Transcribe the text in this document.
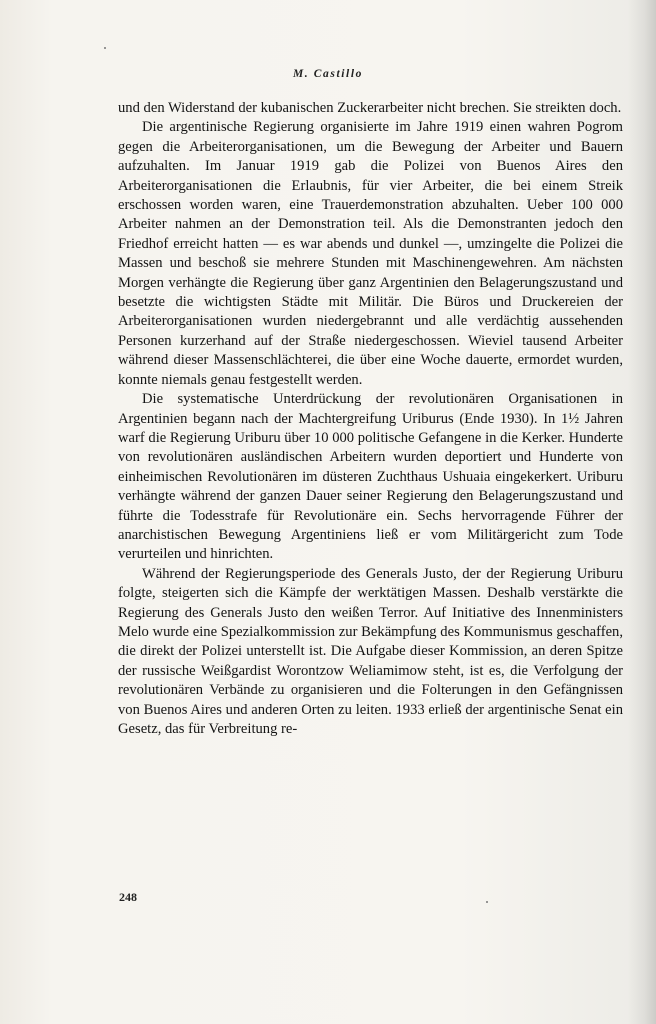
M. Castillo

und den Widerstand der kubanischen Zuckerarbeiter nicht brechen. Sie streikten doch.

Die argentinische Regierung organisierte im Jahre 1919 einen wahren Pogrom gegen die Arbeiterorganisationen, um die Bewegung der Arbeiter und Bauern aufzuhalten. Im Januar 1919 gab die Polizei von Buenos Aires den Arbeiterorganisationen die Erlaubnis, für vier Arbeiter, die bei einem Streik erschossen worden waren, eine Trauerdemonstration abzuhalten. Ueber 100 000 Arbeiter nahmen an der Demonstration teil. Als die Demonstranten jedoch den Friedhof erreicht hatten — es war abends und dunkel —, umzingelte die Polizei die Massen und beschoß sie mehrere Stunden mit Maschinengewehren. Am nächsten Morgen verhängte die Regierung über ganz Argentinien den Belagerungszustand und besetzte die wichtigsten Städte mit Militär. Die Büros und Druckereien der Arbeiterorganisationen wurden niedergebrannt und alle verdächtig aussehenden Personen kurzerhand auf der Straße niedergeschossen. Wieviel tausend Arbeiter während dieser Massenschlächterei, die über eine Woche dauerte, ermordet wurden, konnte niemals genau festgestellt werden.

Die systematische Unterdrückung der revolutionären Organisationen in Argentinien begann nach der Machtergreifung Uriburus (Ende 1930). In 1½ Jahren warf die Regierung Uriburu über 10 000 politische Gefangene in die Kerker. Hunderte von revolutionären ausländischen Arbeitern wurden deportiert und Hunderte von einheimischen Revolutionären im düsteren Zuchthaus Ushuaia eingekerkert. Uriburu verhängte während der ganzen Dauer seiner Regierung den Belagerungszustand und führte die Todesstrafe für Revolutionäre ein. Sechs hervorragende Führer der anarchistischen Bewegung Argentiniens ließ er vom Militärgericht zum Tode verurteilen und hinrichten.

Während der Regierungsperiode des Generals Justo, der der Regierung Uriburu folgte, steigerten sich die Kämpfe der werktätigen Massen. Deshalb verstärkte die Regierung des Generals Justo den weißen Terror. Auf Initiative des Innenministers Melo wurde eine Spezialkommission zur Bekämpfung des Kommunismus geschaffen, die direkt der Polizei unterstellt ist. Die Aufgabe dieser Kommission, an deren Spitze der russische Weißgardist Worontzow Weliamimow steht, ist es, die Verfolgung der revolutionären Verbände zu organisieren und die Folterungen in den Gefängnissen von Buenos Aires und anderen Orten zu leiten. 1933 erließ der argentinische Senat ein Gesetz, das für Verbreitung re-

248
